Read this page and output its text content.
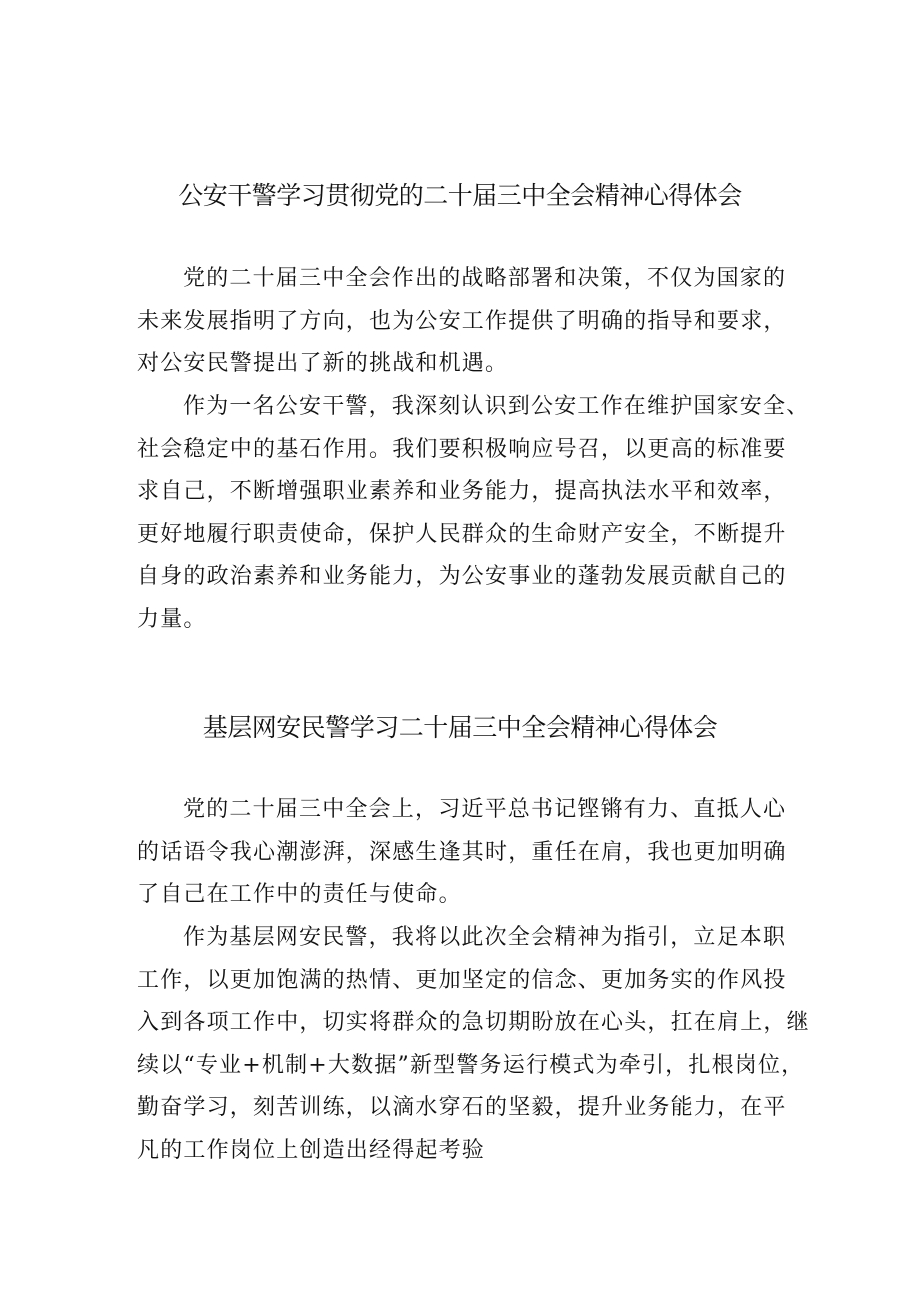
公安干警学习贯彻党的二十届三中全会精神心得体会

党的二十届三中全会作出的战略部署和决策，不仅为国家的
未来发展指明了方向，也为公安工作提供了明确的指导和要求，
对公安民警提出了新的挑战和机遇。

作为一名公安干警，我深刻认识到公安工作在维护国家安全、
社会稳定中的基石作用。我们要积极响应号召，以更高的标准要
求自己，不断增强职业素养和业务能力，提高执法水平和效率，
更好地履行职责使命，保护人民群众的生命财产安全，不断提升
自身的政治素养和业务能力，为公安事业的蓬勃发展贡献自己的
力量。

基层网安民警学习二十届三中全会精神心得体会

党的二十届三中全会上，习近平总书记铿锵有力、直抵人心
的话语令我心潮澎湃，深感生逢其时，重任在肩，我也更加明确
了自己在工作中的责任与使命。

作为基层网安民警，我将以此次全会精神为指引，立足本职
工作，以更加饱满的热情、更加坚定的信念、更加务实的作风投
入到各项工作中，切实将群众的急切期盼放在心头，扛在肩上，继
续以“专业+机制+大数据”新型警务运行模式为牵引，扎根岗位，
勤奋学习，刻苦训练，以滴水穿石的坚毅，提升业务能力，在平
凡的工作岗位上创造出经得起考验
